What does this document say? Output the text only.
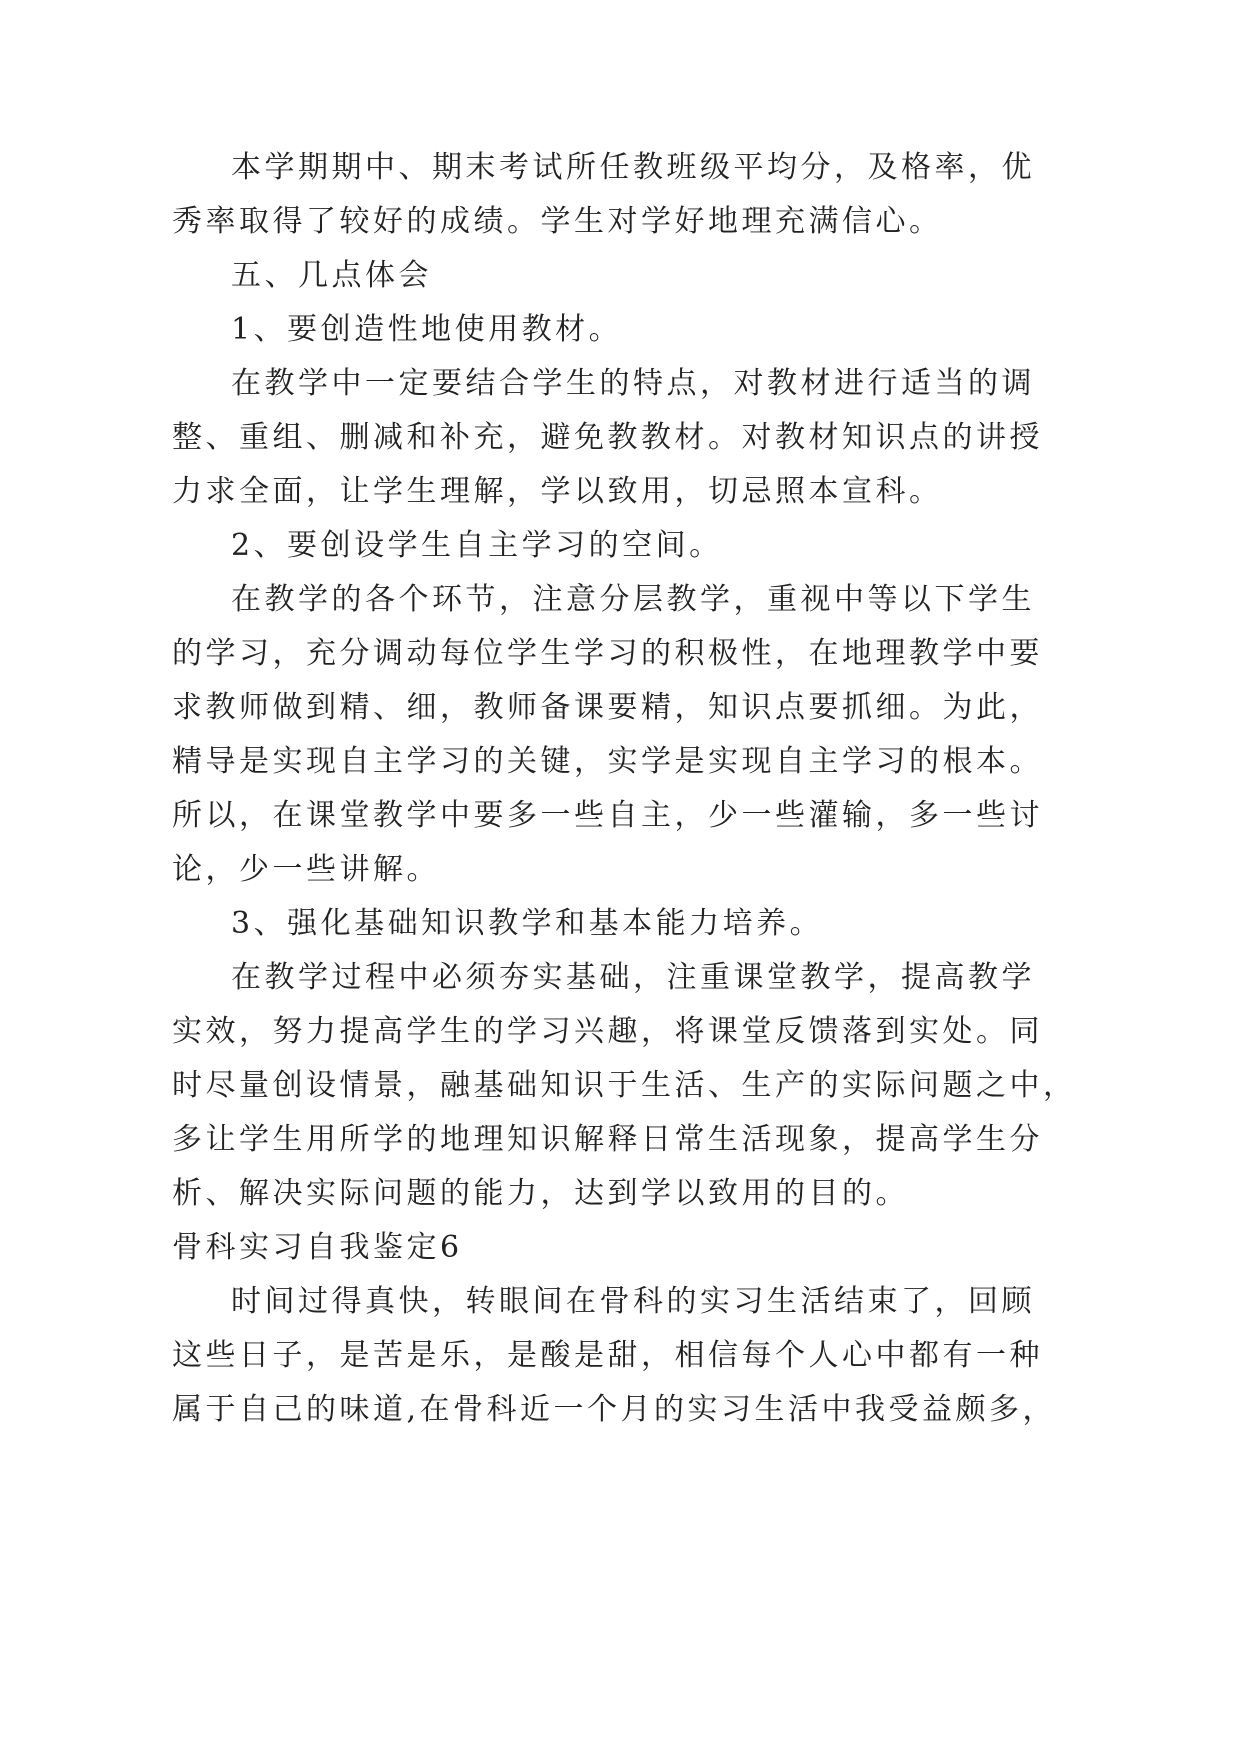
本学期期中、期末考试所任教班级平均分，及格率，优
秀率取得了较好的成绩。学生对学好地理充满信心。
五、几点体会
1、要创造性地使用教材。
在教学中一定要结合学生的特点，对教材进行适当的调
整、重组、删减和补充，避免教教材。对教材知识点的讲授
力求全面，让学生理解，学以致用，切忌照本宣科。
2、要创设学生自主学习的空间。
在教学的各个环节，注意分层教学，重视中等以下学生
的学习，充分调动每位学生学习的积极性，在地理教学中要
求教师做到精、细，教师备课要精，知识点要抓细。为此，
精导是实现自主学习的关键，实学是实现自主学习的根本。
所以，在课堂教学中要多一些自主，少一些灌输，多一些讨
论，少一些讲解。
3、强化基础知识教学和基本能力培养。
在教学过程中必须夯实基础，注重课堂教学，提高教学
实效，努力提高学生的学习兴趣，将课堂反馈落到实处。同
时尽量创设情景，融基础知识于生活、生产的实际问题之中，
多让学生用所学的地理知识解释日常生活现象，提高学生分
析、解决实际问题的能力，达到学以致用的目的。
骨科实习自我鉴定6
时间过得真快，转眼间在骨科的实习生活结束了，回顾
这些日子，是苦是乐，是酸是甜，相信每个人心中都有一种
属于自己的味道,在骨科近一个月的实习生活中我受益颇多，
